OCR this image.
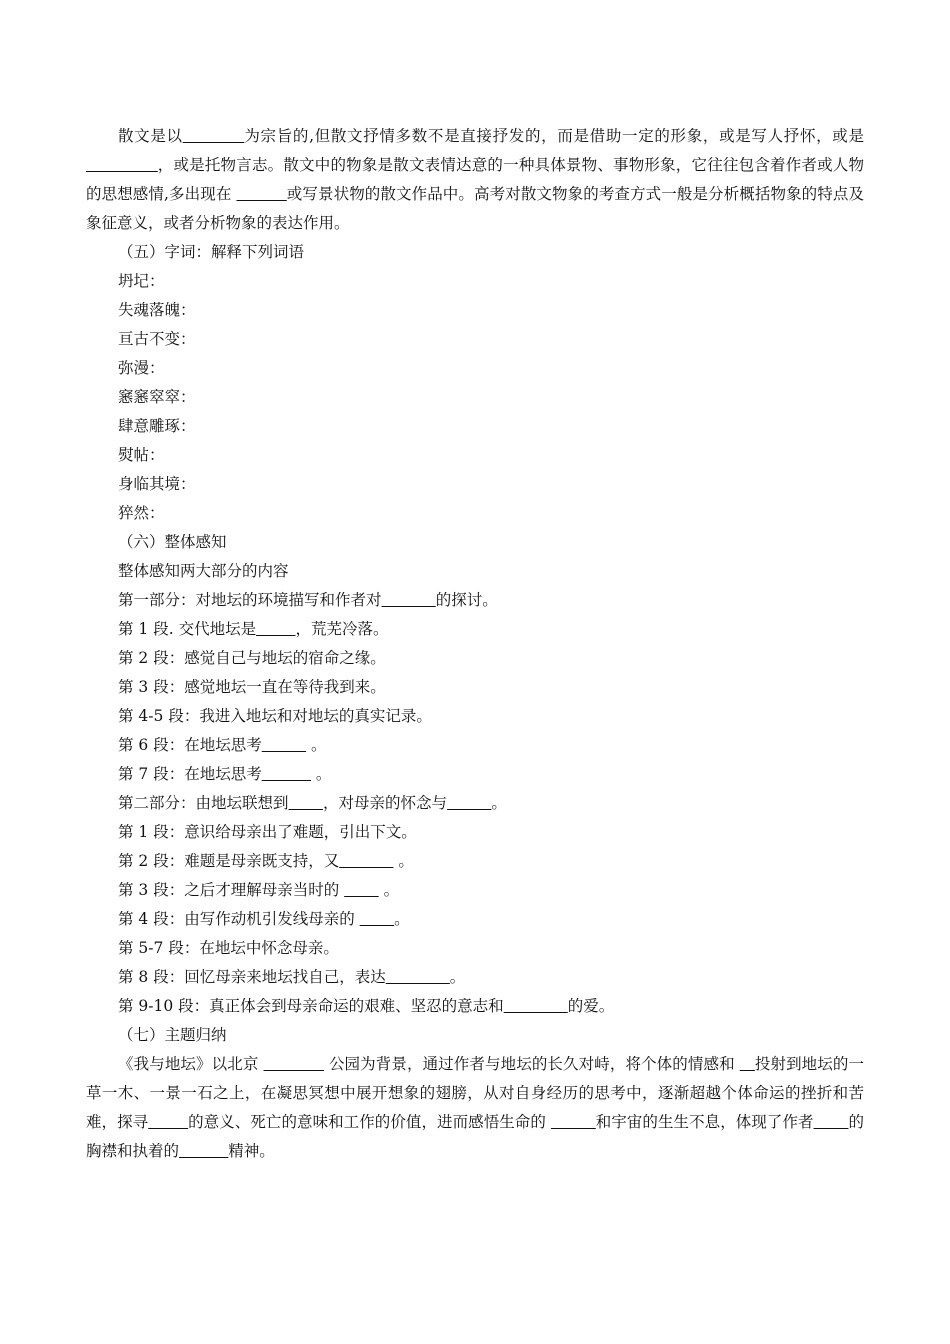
散文是以	为宗旨的,但散文抒情多数不是直接抒发的，而是借助一定的形象，或是写人抒怀，或是              ，或是托物言志。散文中的物象是散文表情达意的一种具体景物、事物形象，它往往包含着作者或人物的思想感情,多出现在	或写景状物的散文作品中。高考对散文物象的考查方式一般是分析概括物象的特点及象征意义，或者分析物象的表达作用。

（五）字词：解释下列词语
坍圮：
失魂落魄：
亘古不变：
弥漫：
窸窸窣窣：
肆意雕琢：
熨帖：
身临其境：
猝然：
（六）整体感知
整体感知两大部分的内容
第一部分：对地坛的环境描写和作者对	的探讨。
第 1 段. 交代地坛是	，荒芜冷落。
第 2 段：感觉自己与地坛的宿命之缘。
第 3 段：感觉地坛一直在等待我到来。
第 4-5 段：我进入地坛和对地坛的真实记录。
第 6 段：在地坛思考	。
第 7 段：在地坛思考	。
第二部分：由地坛联想到 ，对母亲的怀念与	。
第 1 段：意识给母亲出了难题，引出下文。
第 2 段：难题是母亲既支持，又	。
第 3 段：之后才理解母亲当时的         。
第 4 段：由写作动机引发线母亲的        。
第 5-7 段：在地坛中怀念母亲。
第 8 段：回忆母亲来地坛找自己，表达	。
第 9-10 段：真正体会到母亲命运的艰难、坚忍的意志和	的爱。
（七）主题归纳

《我与地坛》以北京	公园为背景，通过作者与地坛的长久对峙，将个体的情感和    投射到地坛的一草一木、一景一石之上，在凝思冥想中展开想象的翅膀，从对自身经历的思考中，逐渐超越个体命运的挫折和苦难，探寻	的意义、死亡的意味和工作的价值，进而感悟生命的	和宇宙的生生不息，体现了作者 的胸襟和执着的	精神。
